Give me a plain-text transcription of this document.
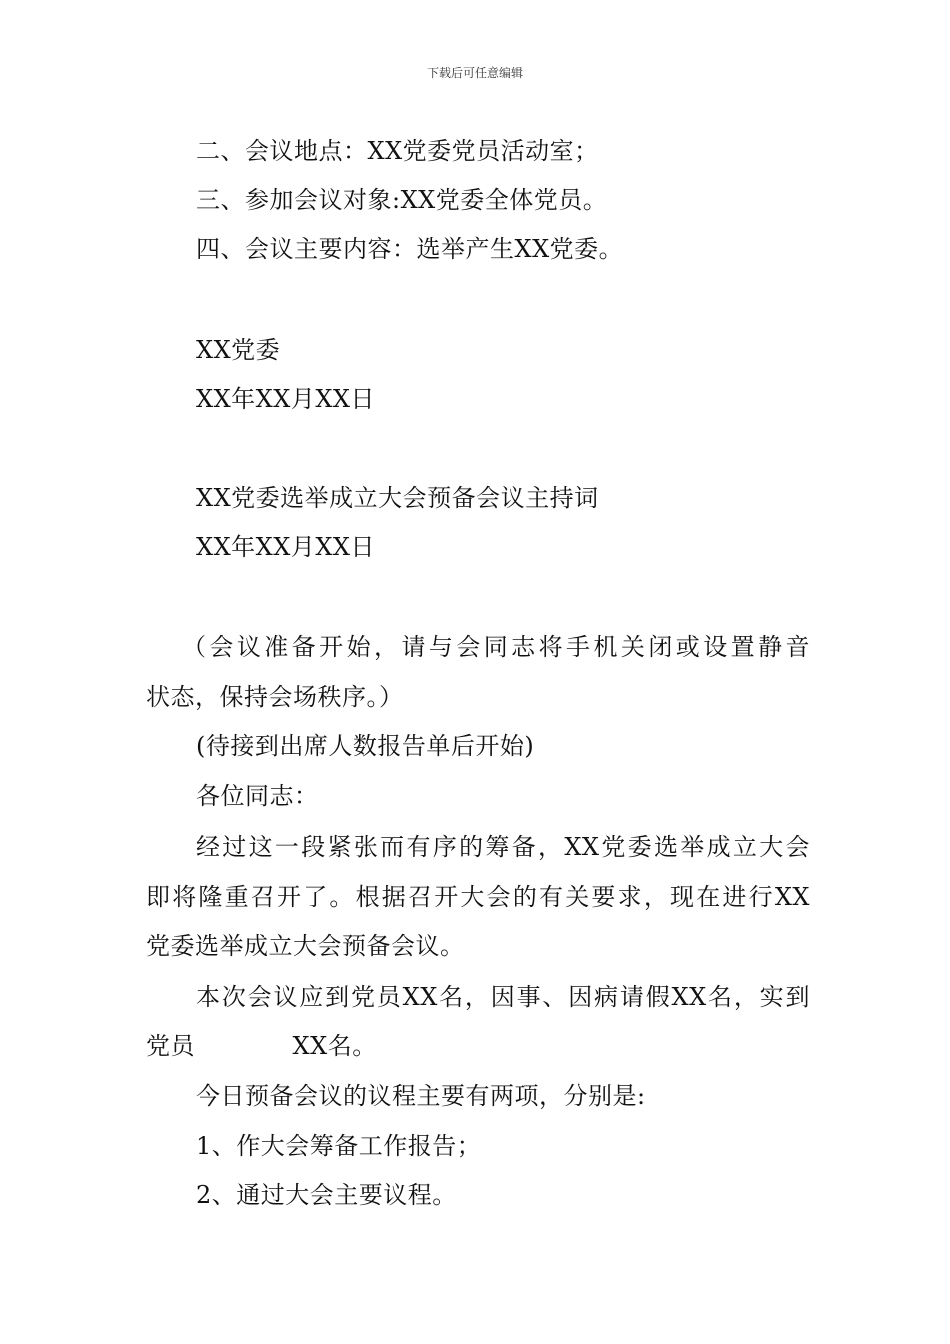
下载后可任意编辑
二、会议地点：XX党委党员活动室；
三、参加会议对象:XX党委全体党员。
四、会议主要内容：选举产生XX党委。
XX党委
XX年XX月XX日
XX党委选举成立大会预备会议主持词
XX年XX月XX日
（会议准备开始，请与会同志将手机关闭或设置静音
状态，保持会场秩序。）
(待接到出席人数报告单后开始)
各位同志：
经过这一段紧张而有序的筹备，XX党委选举成立大会
即将隆重召开了。根据召开大会的有关要求，现在进行XX
党委选举成立大会预备会议。
本次会议应到党员XX名，因事、因病请假XX名，实到
党员            XX名。
今日预备会议的议程主要有两项，分别是:
1、作大会筹备工作报告；
2、通过大会主要议程。
